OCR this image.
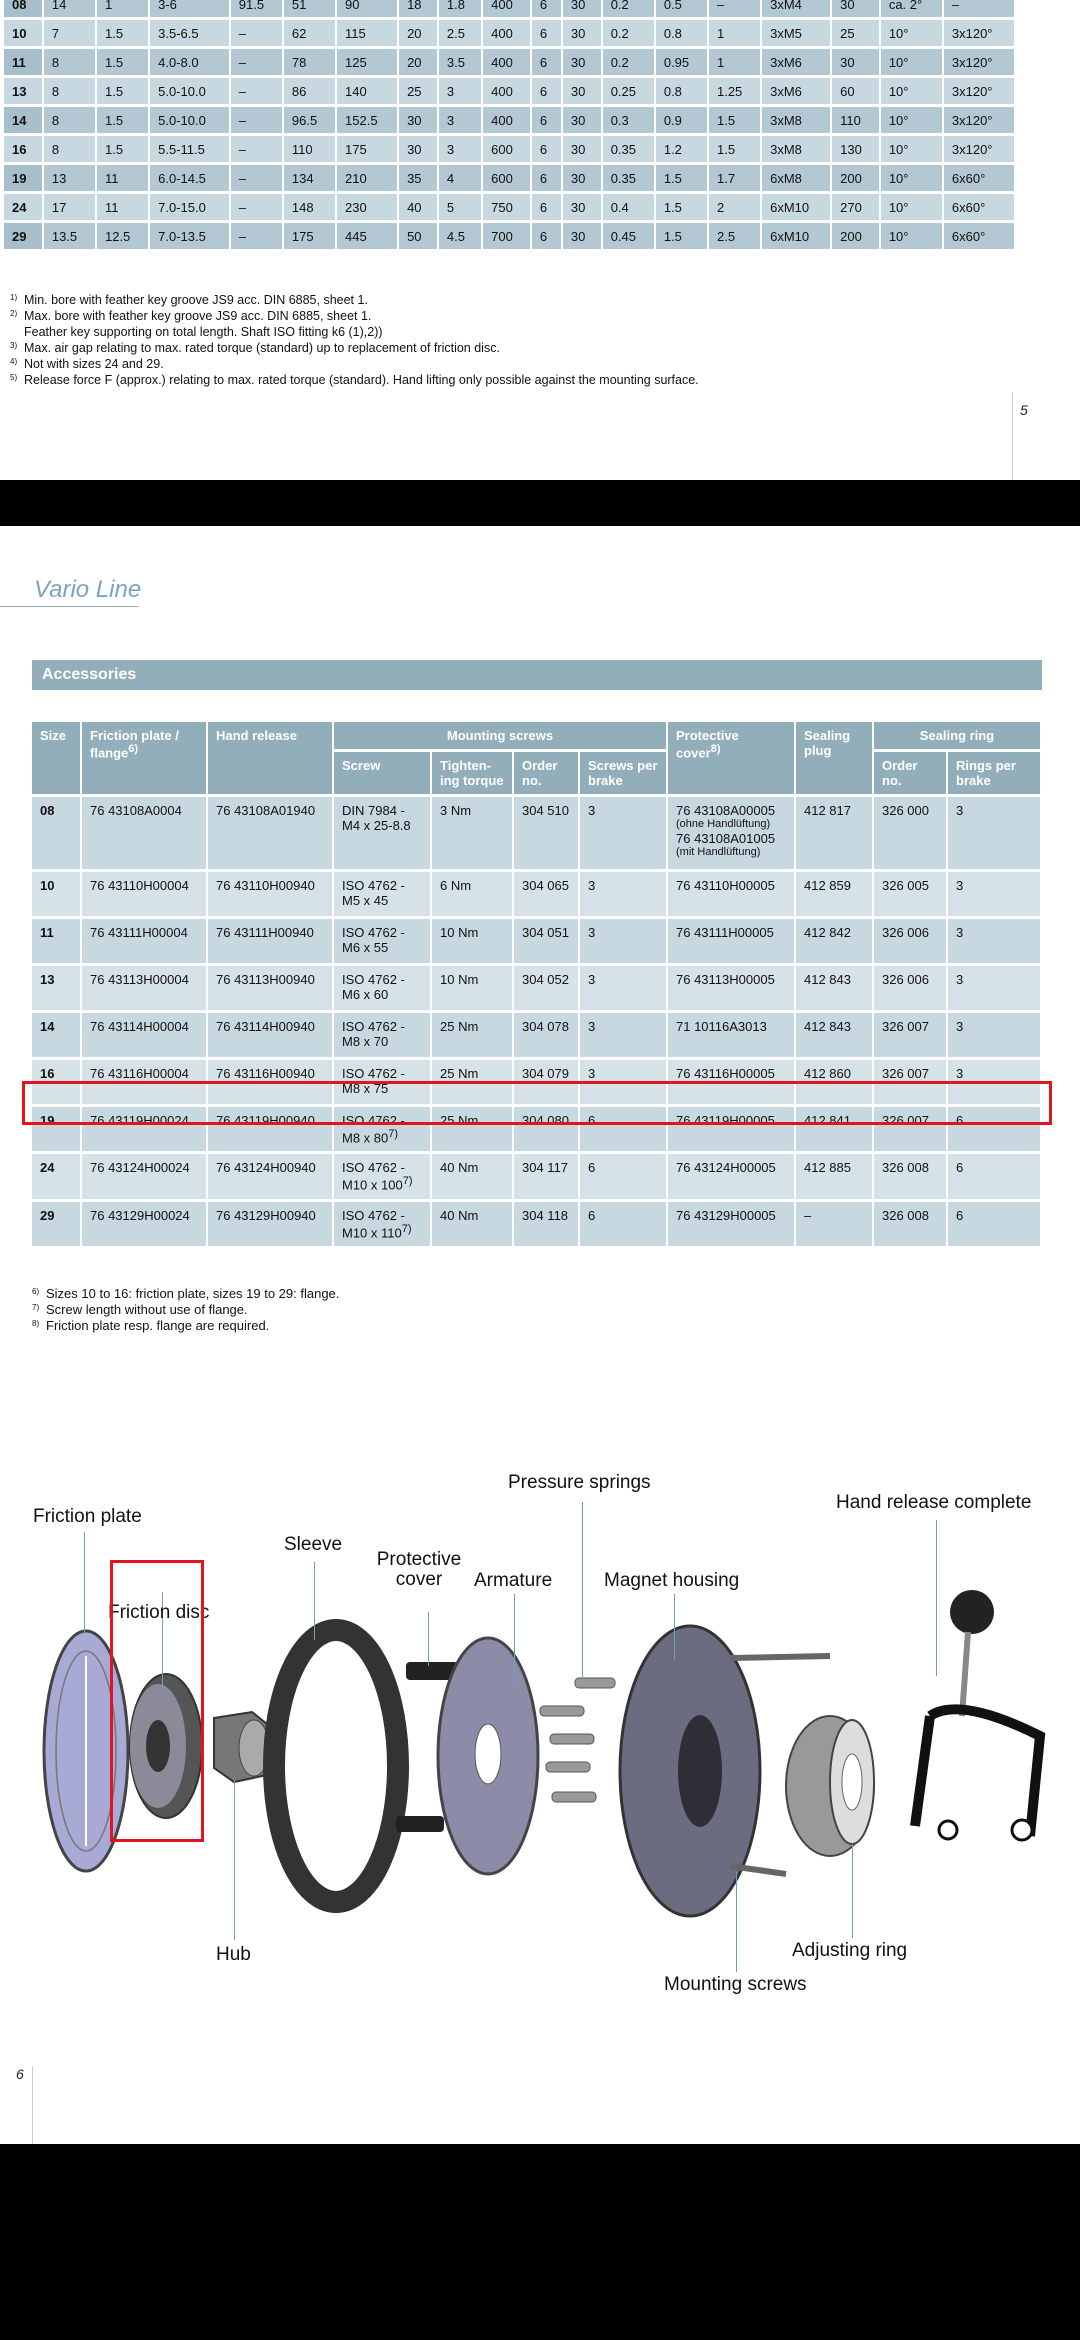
08	14	1	3-6	91.5	51	90	18	1.8	400	6	30	0.2	0.5	–	3xM4	30	ca. 2°	–
10	7	1.5	3.5-6.5	–	62	115	20	2.5	400	6	30	0.2	0.8	1	3xM5	25	10°	3x120°
11	8	1.5	4.0-8.0	–	78	125	20	3.5	400	6	30	0.2	0.95	1	3xM6	30	10°	3x120°
13	8	1.5	5.0-10.0	–	86	140	25	3	400	6	30	0.25	0.8	1.25	3xM6	60	10°	3x120°
14	8	1.5	5.0-10.0	–	96.5	152.5	30	3	400	6	30	0.3	0.9	1.5	3xM8	110	10°	3x120°
16	8	1.5	5.5-11.5	–	110	175	30	3	600	6	30	0.35	1.2	1.5	3xM8	130	10°	3x120°
19	13	11	6.0-14.5	–	134	210	35	4	600	6	30	0.35	1.5	1.7	6xM8	200	10°	6x60°
24	17	11	7.0-15.0	–	148	230	40	5	750	6	30	0.4	1.5	2	6xM10	270	10°	6x60°
29	13.5	12.5	7.0-13.5	–	175	445	50	4.5	700	6	30	0.45	1.5	2.5	6xM10	200	10°	6x60°
1) Min. bore with feather key groove JS9 acc. DIN 6885, sheet 1.
2) Max. bore with feather key groove JS9 acc. DIN 6885, sheet 1.
Feather key supporting on total length. Shaft ISO fitting k6 (1),2))
3) Max. air gap relating to max. rated torque (standard) up to replacement of friction disc.
4) Not with sizes 24 and 29.
5) Release force F (approx.) relating to max. rated torque (standard). Hand lifting only possible against the mounting surface.
5
Vario Line
Accessories
Size	Friction plate / flange$^{6)}$	Hand release	Mounting screws				Protective cover$^{8)}$	Sealing plug	Sealing ring	
			Screw	Tighten-ing torque	Order no.	Screws per brake			Order no.	Rings per brake
08	76 43108A0004	76 43108A01940	DIN 7984 - M4 x 25-8.8	3 Nm	304 510	3	76 43108A00005
(ohne Handlüftung)
76 43108A01005
(mit Handlüftung)	412 817	326 000	3
10	76 43110H00004	76 43110H00940	ISO 4762 - M5 x 45	6 Nm	304 065	3	76 43110H00005	412 859	326 005	3
11	76 43111H00004	76 43111H00940	ISO 4762 - M6 x 55	10 Nm	304 051	3	76 43111H00005	412 842	326 006	3
13	76 43113H00004	76 43113H00940	ISO 4762 - M6 x 60	10 Nm	304 052	3	76 43113H00005	412 843	326 006	3
14	76 43114H00004	76 43114H00940	ISO 4762 - M8 x 70	25 Nm	304 078	3	71 10116A3013	412 843	326 007	3
16	76 43116H00004	76 43116H00940	ISO 4762 - M8 x 75	25 Nm	304 079	3	76 43116H00005	412 860	326 007	3
19	76 43119H00024	76 43119H00940	ISO 4762 - M8 x 80$^{7)}$	25 Nm	304 080	6	76 43119H00005	412 841	326 007	6
24	76 43124H00024	76 43124H00940	ISO 4762 - M10 x 100$^{7)}$	40 Nm	304 117	6	76 43124H00005	412 885	326 008	6
29	76 43129H00024	76 43129H00940	ISO 4762 - M10 x 110$^{7)}$	40 Nm	304 118	6	76 43129H00005	–	326 008	6
6) Sizes 10 to 16: friction plate, sizes 19 to 29: flange.
7) Screw length without use of flange.
8) Friction plate resp. flange are required.
Friction plate
Friction disc
Sleeve
Protective cover	Armature
Pressure springs
Magnet housing
Hand release complete
Hub	Adjusting ring
Mounting screws
6
